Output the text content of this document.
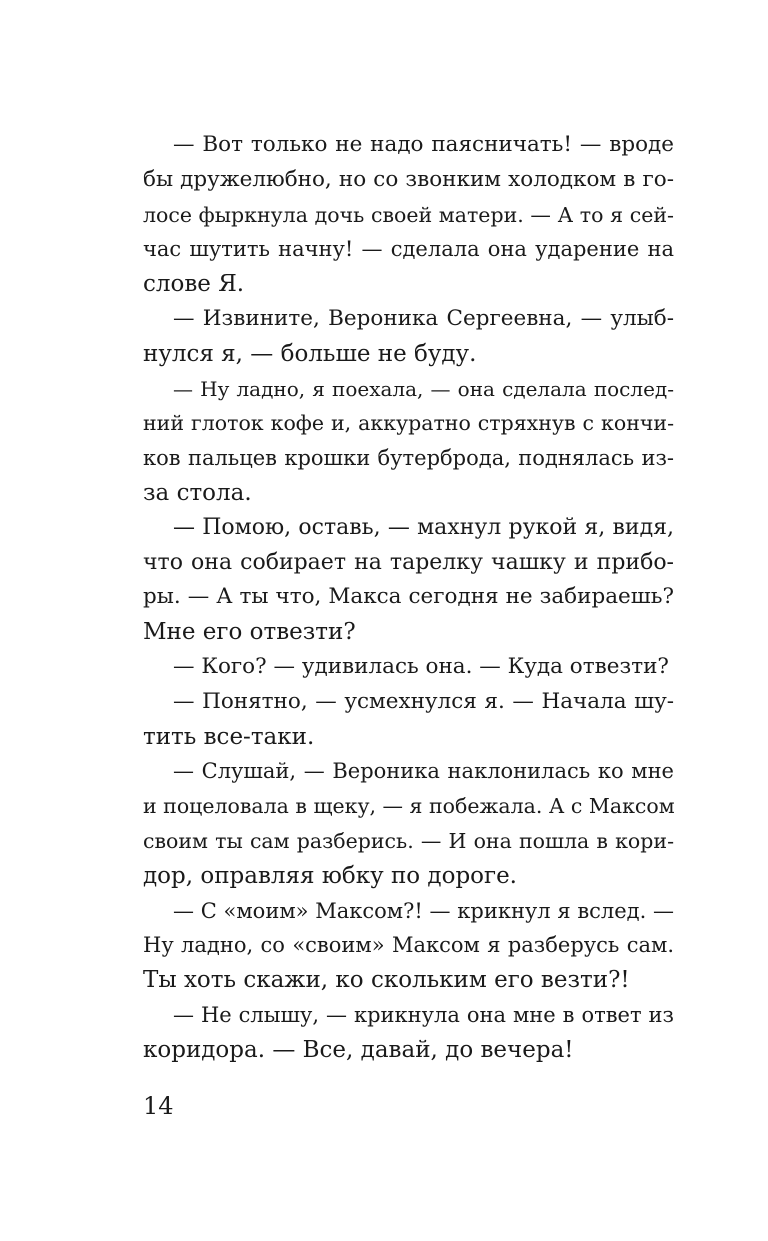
— Вот только не надо паясничать! — вроде
бы дружелюбно, но со звонким холодком в го-
лосе фыркнула дочь своей матери. — А то я сей-
час шутить начну! — сделала она ударение на
слове Я.
— Извините, Вероника Сергеевна, — улыб-
нулся я, — больше не буду.
— Ну ладно, я поехала, — она сделала послед-
ний глоток кофе и, аккуратно стряхнув с кончи-
ков пальцев крошки бутерброда, поднялась из-
за стола.
— Помою, оставь, — махнул рукой я, видя,
что она собирает на тарелку чашку и прибо-
ры. — А ты что, Макса сегодня не забираешь?
Мне его отвезти?
— Кого? — удивилась она. — Куда отвезти?
— Понятно, — усмехнулся я. — Начала шу-
тить все-таки.
— Слушай, — Вероника наклонилась ко мне
и поцеловала в щеку, — я побежала. А с Максом
своим ты сам разберись. — И она пошла в кори-
дор, оправляя юбку по дороге.
— С «моим» Максом?! — крикнул я вслед. —
Ну ладно, со «своим» Максом я разберусь сам.
Ты хоть скажи, ко скольким его везти?!
— Не слышу, — крикнула она мне в ответ из
коридора. — Все, давай, до вечера!
14
